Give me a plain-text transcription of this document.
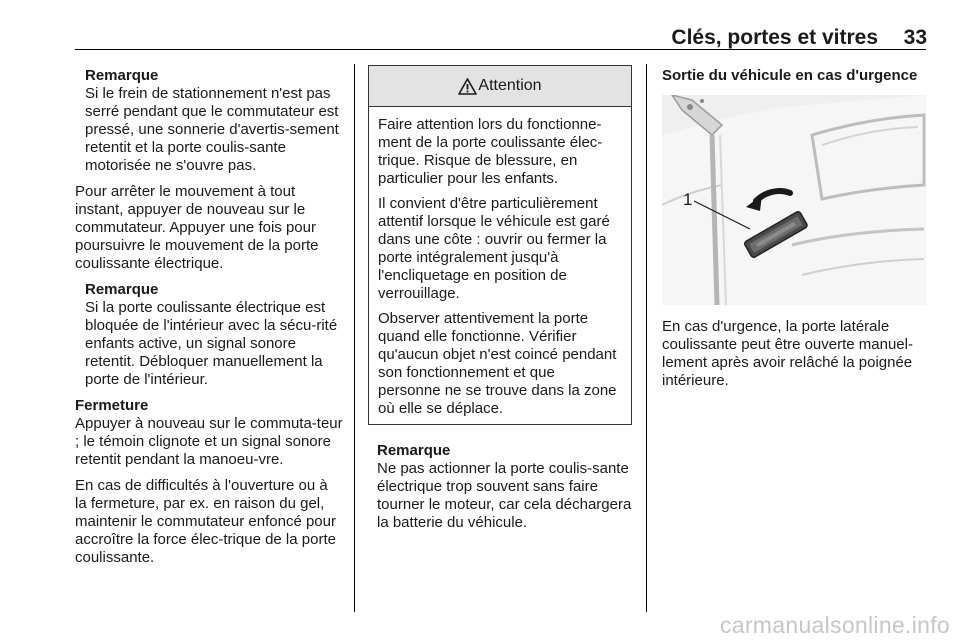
Clés, portes et vitres 33
Remarque
Si le frein de stationnement n'est pas serré pendant que le commutateur est pressé, une sonnerie d'avertis-sement retentit et la porte coulis-sante motorisée ne s'ouvre pas.

Pour arrêter le mouvement à tout instant, appuyer de nouveau sur le commutateur. Appuyer une fois pour poursuivre le mouvement de la porte coulissante électrique.

Remarque
Si la porte coulissante électrique est bloquée de l'intérieur avec la sécu-rité enfants active, un signal sonore retentit. Débloquer manuellement la porte de l'intérieur.
Fermeture

Appuyer à nouveau sur le commuta-teur ; le témoin clignote et un signal sonore retentit pendant la manoeu-vre.

En cas de difficultés à l'ouverture ou à la fermeture, par ex. en raison du gel, maintenir le commutateur enfoncé pour accroître la force élec-trique de la porte coulissante.

Attention

Faire attention lors du fonctionne-ment de la porte coulissante élec-trique. Risque de blessure, en particulier pour les enfants.

Il convient d'être particulièrement attentif lorsque le véhicule est garé dans une côte : ouvrir ou fermer la porte intégralement jusqu'à l'encliquetage en position de verrouillage.

Observer attentivement la porte quand elle fonctionne. Vérifier qu'aucun objet n'est coincé pendant son fonctionnement et que personne ne se trouve dans la zone où elle se déplace.

Remarque
Ne pas actionner la porte coulis-sante électrique trop souvent sans faire tourner le moteur, car cela déchargera la batterie du véhicule.
Sortie du véhicule en cas d'urgence
1
En cas d'urgence, la porte latérale coulissante peut être ouverte manuel-lement après avoir relâché la poignée intérieure.
carmanualsonline.info
